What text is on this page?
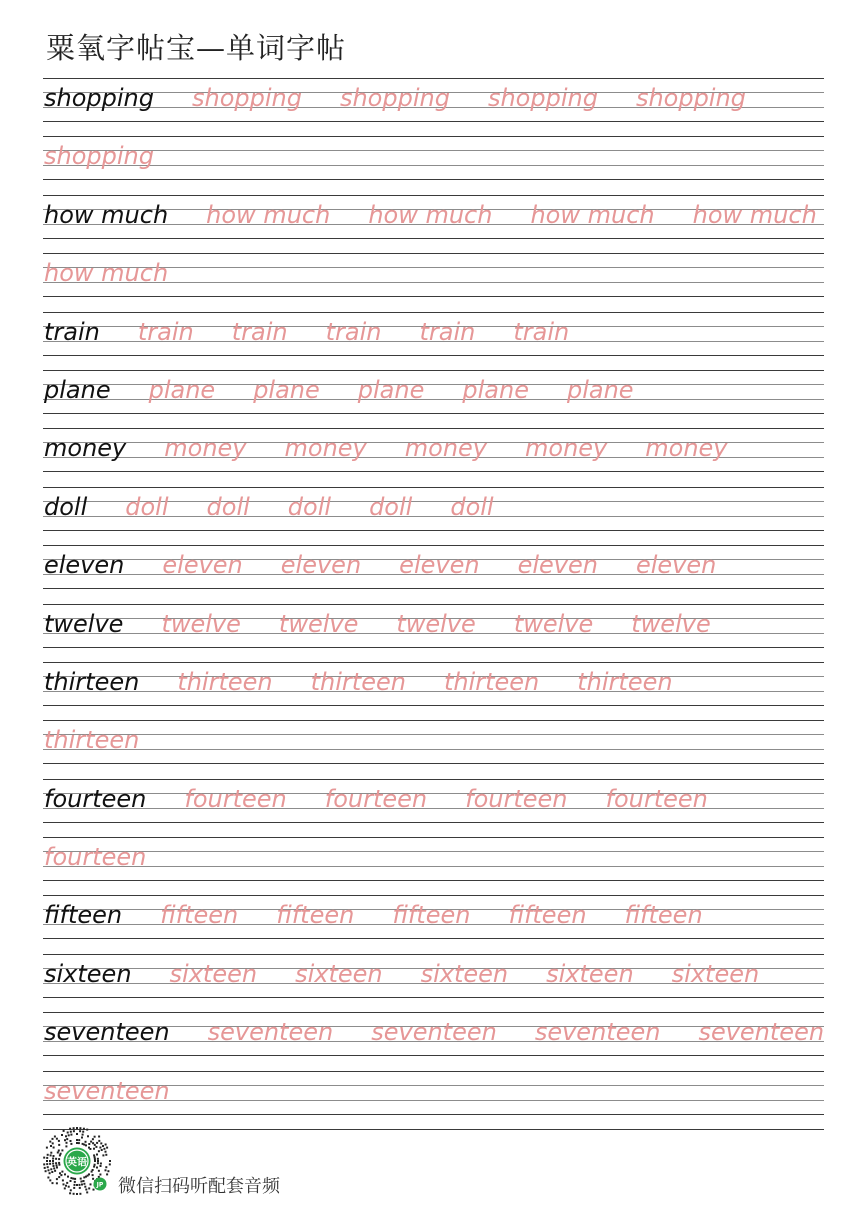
粟氧字帖宝—单词字帖
shopping shopping shopping shopping shopping
shopping
how much how much how much how much how much
how much
train train train train train train
plane plane plane plane plane plane
money money money money money money
doll doll doll doll doll doll
eleven eleven eleven eleven eleven eleven
twelve twelve twelve twelve twelve twelve
thirteen thirteen thirteen thirteen thirteen
thirteen
fourteen fourteen fourteen fourteen fourteen
fourteen
fifteen fifteen fifteen fifteen fifteen fifteen
sixteen sixteen sixteen sixteen sixteen sixteen
seventeen seventeen seventeen seventeen seventeen
seventeen
英语
JP 微信扫码听配套音频
